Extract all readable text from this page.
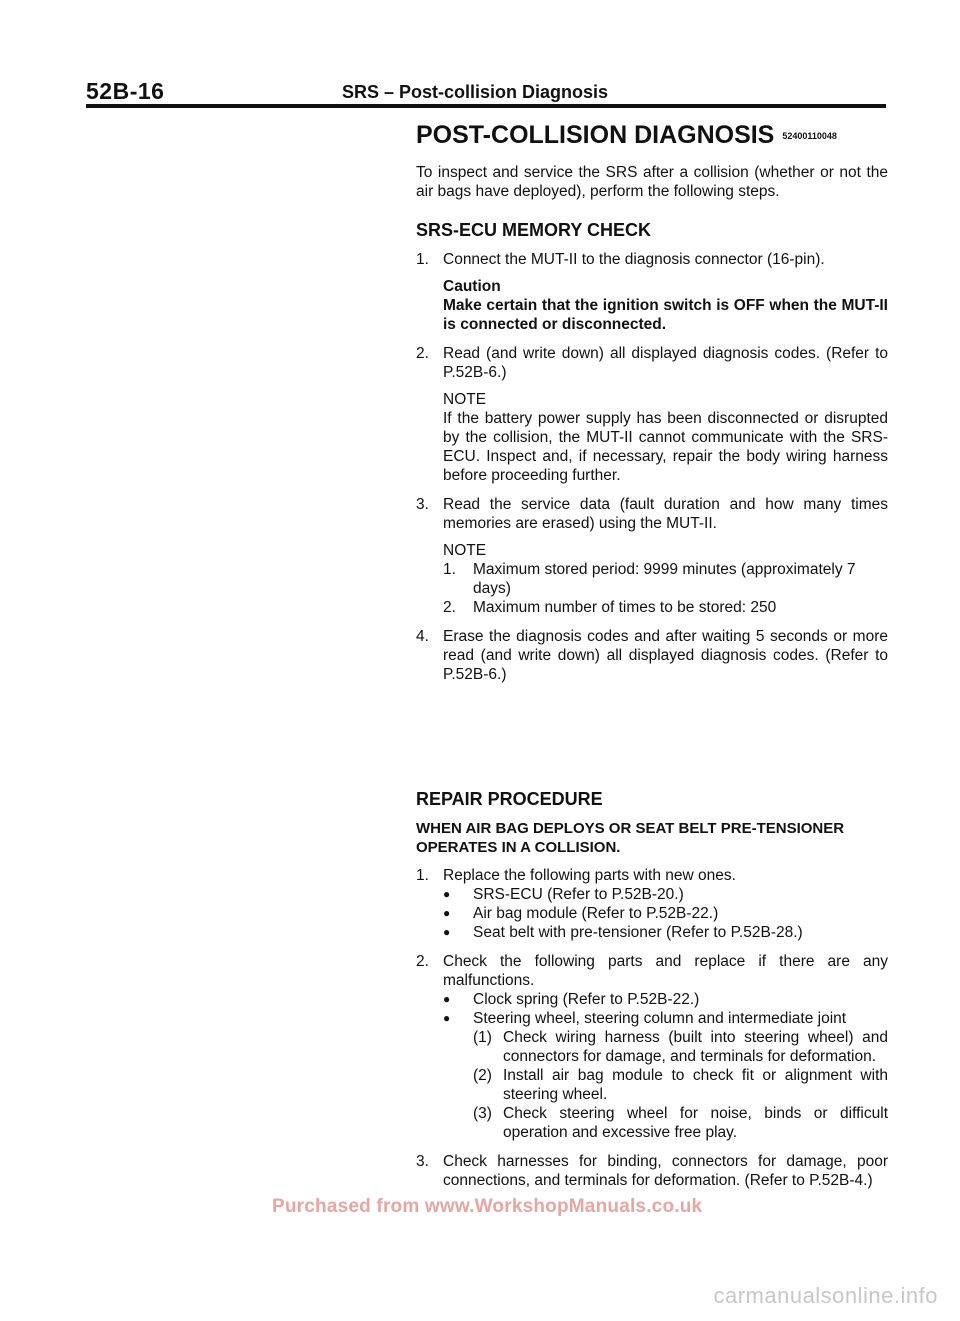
52B-16	SRS – Post-collision Diagnosis
POST-COLLISION DIAGNOSIS 52400110048

To inspect and service the SRS after a collision (whether or not the air bags have deployed), perform the following steps.

SRS-ECU MEMORY CHECK
1. Connect the MUT-II to the diagnosis connector (16-pin).
Caution
Make certain that the ignition switch is OFF when the MUT-II is connected or disconnected.
2. Read (and write down) all displayed diagnosis codes. (Refer to P.52B-6.)
NOTE
If the battery power supply has been disconnected or disrupted by the collision, the MUT-II cannot communicate with the SRS-ECU. Inspect and, if necessary, repair the body wiring harness before proceeding further.
3. Read the service data (fault duration and how many times memories are erased) using the MUT-II.
NOTE
1.	Maximum stored period: 9999 minutes (approximately 7 days)
2.	Maximum number of times to be stored: 250
4. Erase the diagnosis codes and after waiting 5 seconds or more read (and write down) all displayed diagnosis codes. (Refer to P.52B-6.)
REPAIR PROCEDURE
WHEN AIR BAG DEPLOYS OR SEAT BELT PRE-TENSIONER OPERATES IN A COLLISION.
1. Replace the following parts with new ones.
●	SRS-ECU (Refer to P.52B-20.)
●	Air bag module (Refer to P.52B-22.)
●	Seat belt with pre-tensioner (Refer to P.52B-28.)
2. Check the following parts and replace if there are any malfunctions.
●	Clock spring (Refer to P.52B-22.)
●	Steering wheel, steering column and intermediate joint
(1) Check wiring harness (built into steering wheel) and connectors for damage, and terminals for deformation.
(2) Install air bag module to check fit or alignment with steering wheel.
(3) Check steering wheel for noise, binds or difficult operation and excessive free play.
3. Check harnesses for binding, connectors for damage, poor connections, and terminals for deformation. (Refer to P.52B-4.)
Purchased from www.WorkshopManuals.co.uk
carmanualsonline.info
